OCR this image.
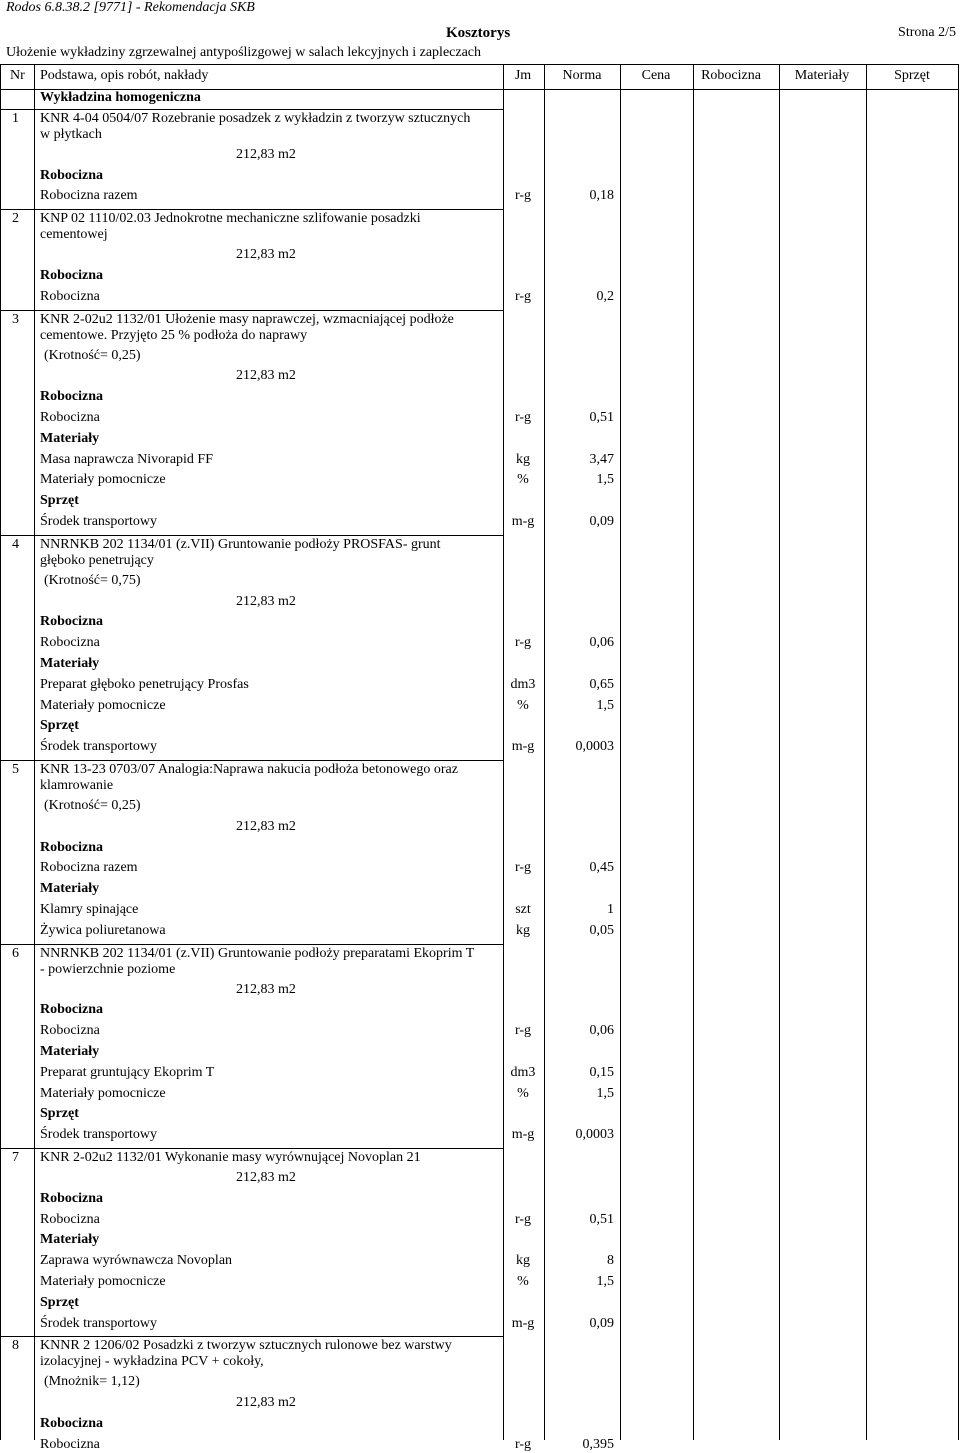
Rodos 6.8.38.2 [9771] - Rekomendacja SKB
Kosztorys	Strona 2/5
Ułożenie wykładziny zgrzewalnej antypoślizgowej w salach lekcyjnych i zapleczach
Nr Podstawa, opis robót, nakłady	Jm	Norma	Cena	Robocizna	Materiały	Sprzęt
Wykładzina homogeniczna
1 KNR 4-04 0504/07 Rozebranie posadzek z wykładzin z tworzyw sztucznych
w płytkach
212,83 m2
Robocizna
Robocizna razem	r-g	0,18
2 KNP 02 1110/02.03 Jednokrotne mechaniczne szlifowanie posadzki
cementowej
212,83 m2
Robocizna
Robocizna	r-g	0,2
3 KNR 2-02u2 1132/01 Ułożenie masy naprawczej, wzmacniającej podłoże
cementowe. Przyjęto 25 % podłoża do naprawy
(Krotność= 0,25)
212,83 m2
Robocizna
Robocizna	r-g	0,51
Materiały
Masa naprawcza Nivorapid FF	kg	3,47
Materiały pomocnicze	%	1,5
Sprzęt
Środek transportowy	m-g	0,09
4 NNRNKB 202 1134/01 (z.VII) Gruntowanie podłoży PROSFAS- grunt
głęboko penetrujący
(Krotność= 0,75)
212,83 m2
Robocizna
Robocizna	r-g	0,06
Materiały
Preparat głęboko penetrujący Prosfas	dm3	0,65
Materiały pomocnicze	%	1,5
Sprzęt
Środek transportowy	m-g	0,0003
5 KNR 13-23 0703/07 Analogia:Naprawa nakucia podłoża betonowego oraz
klamrowanie
(Krotność= 0,25)
212,83 m2
Robocizna
Robocizna razem	r-g	0,45
Materiały
Klamry spinające	szt	1
Żywica poliuretanowa	kg	0,05
6 NNRNKB 202 1134/01 (z.VII) Gruntowanie podłoży preparatami Ekoprim T
- powierzchnie poziome
212,83 m2
Robocizna
Robocizna	r-g	0,06
Materiały
Preparat gruntujący Ekoprim T	dm3	0,15
Materiały pomocnicze	%	1,5
Sprzęt
Środek transportowy	m-g	0,0003
7 KNR 2-02u2 1132/01 Wykonanie masy wyrównującej Novoplan 21
212,83 m2
Robocizna
Robocizna	r-g	0,51
Materiały
Zaprawa wyrównawcza Novoplan	kg	8
Materiały pomocnicze	%	1,5
Sprzęt
Środek transportowy	m-g	0,09
8 KNNR 2 1206/02 Posadzki z tworzyw sztucznych rulonowe bez warstwy
izolacyjnej - wykładzina PCV + cokoły,
(Mnożnik= 1,12)
212,83 m2
Robocizna
Robocizna	r-g	0,395
